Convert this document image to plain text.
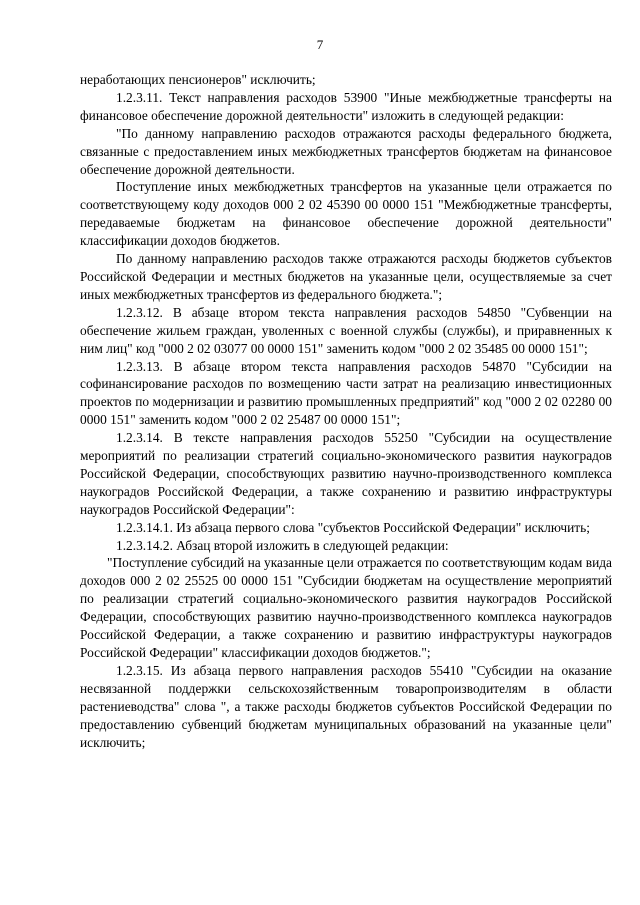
7

неработающих пенсионеров" исключить;

1.2.3.11. Текст направления расходов 53900 "Иные межбюджетные трансферты на финансовое обеспечение дорожной деятельности" изложить в следующей редакции:

"По данному направлению расходов отражаются расходы федерального бюджета, связанные с предоставлением иных межбюджетных трансфертов бюджетам на финансовое обеспечение дорожной деятельности.

Поступление иных межбюджетных трансфертов на указанные цели отражается по соответствующему коду доходов 000 2 02 45390 00 0000 151 "Межбюджетные трансферты, передаваемые бюджетам на финансовое обеспечение дорожной деятельности" классификации доходов бюджетов.

По данному направлению расходов также отражаются расходы бюджетов субъектов Российской Федерации и местных бюджетов на указанные цели, осуществляемые за счет иных межбюджетных трансфертов из федерального бюджета.";

1.2.3.12. В абзаце втором текста направления расходов 54850 "Субвенции на обеспечение жильем граждан, уволенных с военной службы (службы), и приравненных к ним лиц" код "000 2 02 03077 00 0000 151" заменить кодом "000 2 02 35485 00 0000 151";

1.2.3.13. В абзаце втором текста направления расходов 54870 "Субсидии на софинансирование расходов по возмещению части затрат на реализацию инвестиционных проектов по модернизации и развитию промышленных предприятий" код "000 2 02 02280 00 0000 151" заменить кодом "000 2 02 25487 00 0000 151";

1.2.3.14. В тексте направления расходов 55250 "Субсидии на осуществление мероприятий по реализации стратегий социально-экономического развития наукоградов Российской Федерации, способствующих развитию научно-производственного комплекса наукоградов Российской Федерации, а также сохранению и развитию инфраструктуры наукоградов Российской Федерации":

1.2.3.14.1. Из абзаца первого слова "субъектов Российской Федерации" исключить;

1.2.3.14.2. Абзац второй изложить в следующей редакции:

"Поступление субсидий на указанные цели отражается по соответствующим кодам вида доходов 000 2 02 25525 00 0000 151 "Субсидии бюджетам на осуществление мероприятий по реализации стратегий социально-экономического развития наукоградов Российской Федерации, способствующих развитию научно-производственного комплекса наукоградов Российской Федерации, а также сохранению и развитию инфраструктуры наукоградов Российской Федерации" классификации доходов бюджетов.";

1.2.3.15. Из абзаца первого направления расходов 55410 "Субсидии на оказание несвязанной поддержки сельскохозяйственным товаропроизводителям в области растениеводства" слова ", а также расходы бюджетов субъектов Российской Федерации по предоставлению субвенций бюджетам муниципальных образований на указанные цели" исключить;
